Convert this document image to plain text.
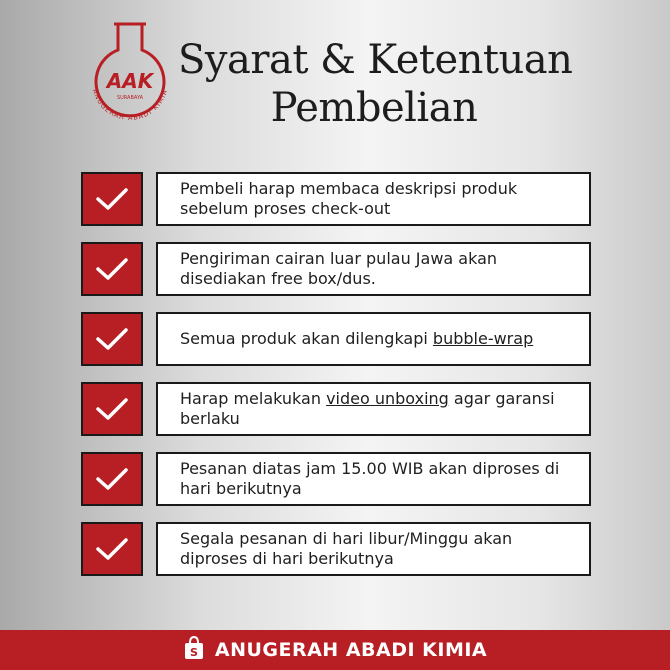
AAK
SURABAYA
ANUGERAH ABADI KIMIA
Syarat & Ketentuan
Pembelian
Pembeli harap membaca deskripsi produk sebelum proses check-out
Pengiriman cairan luar pulau Jawa akan disediakan free box/dus.
Semua produk akan dilengkapi bubble-wrap
Harap melakukan video unboxing agar garansi berlaku
Pesanan diatas jam 15.00 WIB akan diproses di hari berikutnya
Segala pesanan di hari libur/Minggu akan diproses di hari berikutnya
S ANUGERAH ABADI KIMIA
